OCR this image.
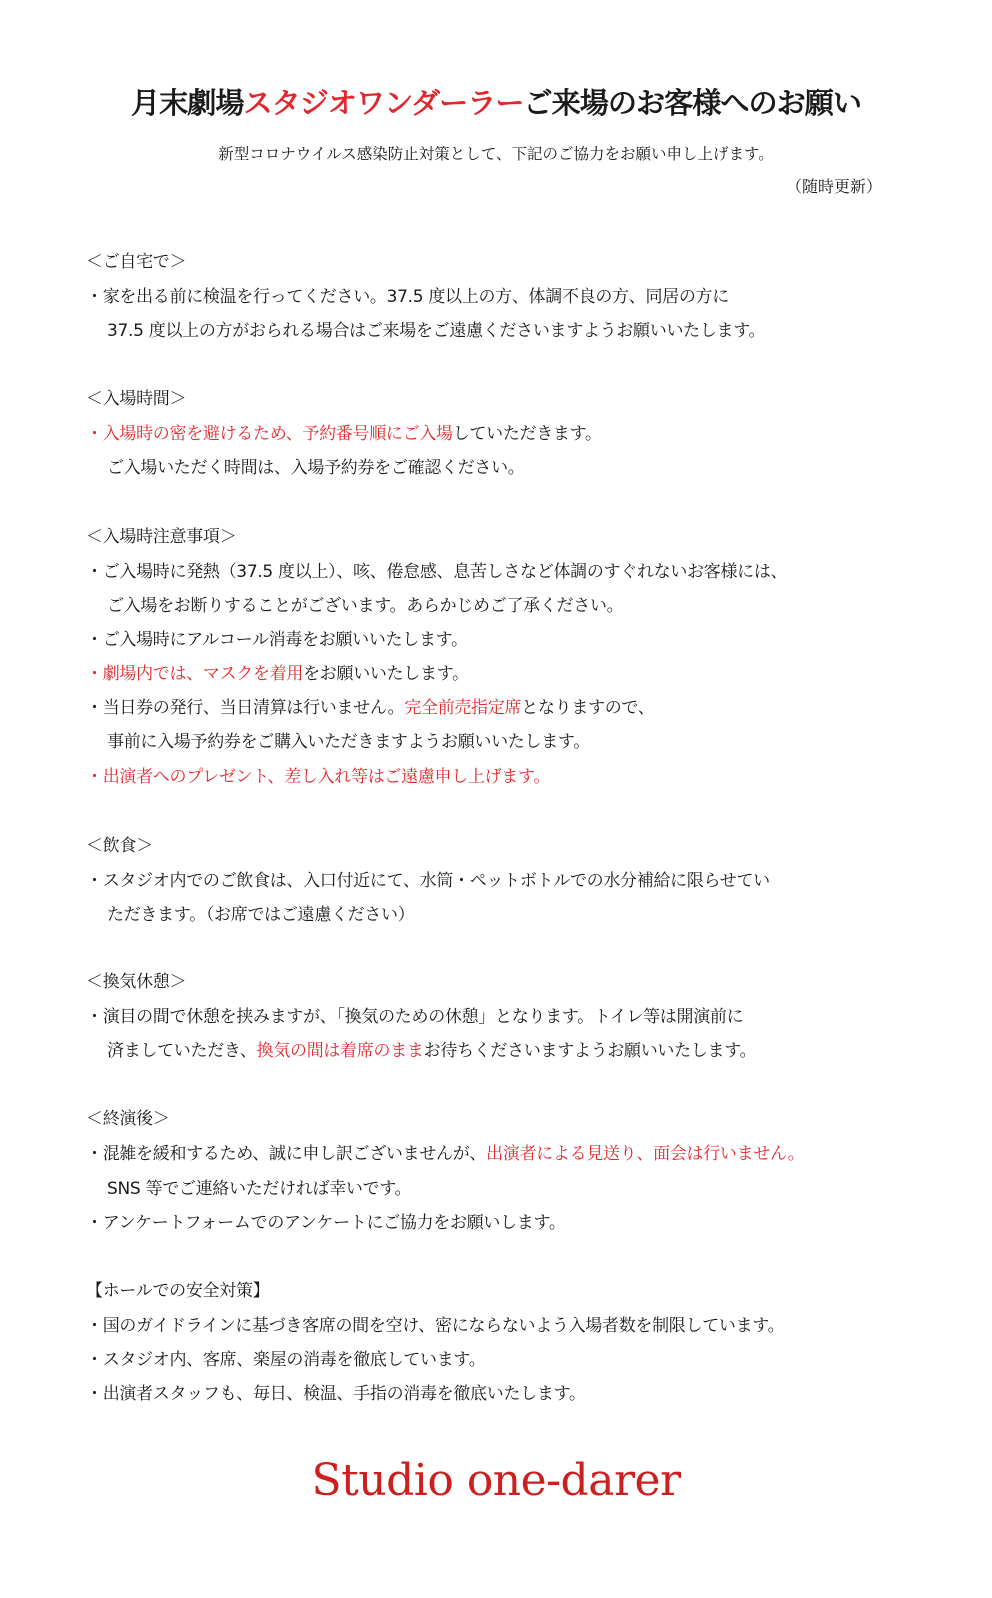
月末劇場スタジオワンダーラーご来場のお客様へのお願い
新型コロナウイルス感染防止対策として、下記のご協力をお願い申し上げます。
（随時更新）
＜ご自宅で＞
・家を出る前に検温を行ってください。37.5 度以上の方、体調不良の方、同居の方に
37.5 度以上の方がおられる場合はご来場をご遠慮くださいますようお願いいたします。
＜入場時間＞
・入場時の密を避けるため、予約番号順にご入場していただきます。
ご入場いただく時間は、入場予約券をご確認ください。
＜入場時注意事項＞
・ご入場時に発熱（37.5 度以上）、咳、倦怠感、息苦しさなど体調のすぐれないお客様には、
ご入場をお断りすることがございます。あらかじめご了承ください。
・ご入場時にアルコール消毒をお願いいたします。
・劇場内では、マスクを着用をお願いいたします。
・当日券の発行、当日清算は行いません。完全前売指定席となりますので、
事前に入場予約券をご購入いただきますようお願いいたします。
・出演者へのプレゼント、差し入れ等はご遠慮申し上げます。
＜飲食＞
・スタジオ内でのご飲食は、入口付近にて、水筒・ペットボトルでの水分補給に限らせてい
ただきます。（お席ではご遠慮ください）
＜換気休憩＞
・演目の間で休憩を挟みますが、「換気のための休憩」となります。トイレ等は開演前に
済ましていただき、換気の間は着席のままお待ちくださいますようお願いいたします。
＜終演後＞
・混雑を緩和するため、誠に申し訳ございませんが、出演者による見送り、面会は行いません。
SNS 等でご連絡いただければ幸いです。
・アンケートフォームでのアンケートにご協力をお願いします。
【ホールでの安全対策】
・国のガイドラインに基づき客席の間を空け、密にならないよう入場者数を制限しています。
・スタジオ内、客席、楽屋の消毒を徹底しています。
・出演者スタッフも、毎日、検温、手指の消毒を徹底いたします。
Studio one-darer
